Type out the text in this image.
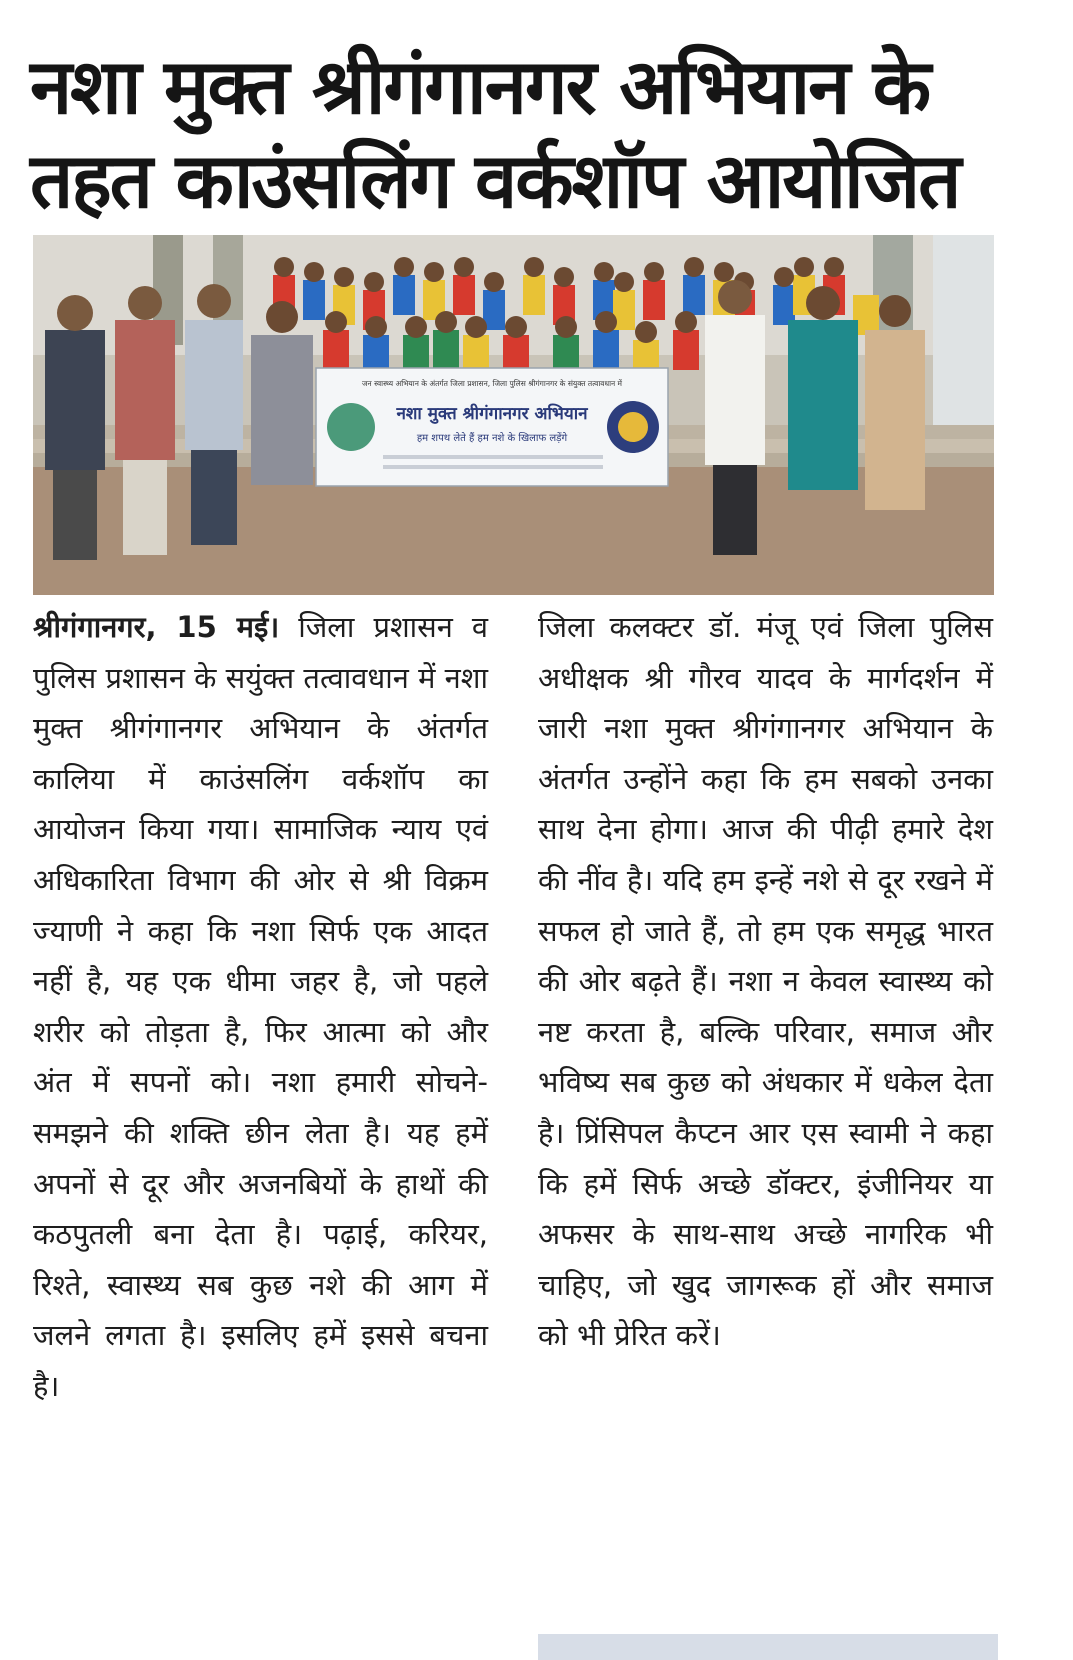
नशा मुक्त श्रीगंगानगर अभियान के
तहत काउंसलिंग वर्कशॉप आयोजित
जन स्वास्थ्य अभियान के अंतर्गत जिला प्रशासन, जिला पुलिस श्रीगंगानगर के संयुक्त तत्वावधान में
नशा मुक्त श्रीगंगानगर अभियान
हम शपथ लेते हैं हम नशे के खिलाफ लड़ेंगे

श्रीगंगानगर, 15 मई। जिला प्रशासन व पुलिस प्रशासन के सयुंक्त तत्वावधान में नशा मुक्त श्रीगंगानगर अभियान के अंतर्गत कालिया में काउंसलिंग वर्कशॉप का आयोजन किया गया। सामाजिक न्याय एवं अधिकारिता विभाग की ओर से श्री विक्रम ज्याणी ने कहा कि नशा सिर्फ एक आदत नहीं है, यह एक धीमा जहर है, जो पहले शरीर को तोड़ता है, फिर आत्मा को और अंत में सपनों को। नशा हमारी सोचने-समझने की शक्ति छीन लेता है। यह हमें अपनों से दूर और अजनबियों के हाथों की कठपुतली बना देता है। पढ़ाई, करियर, रिश्ते, स्वास्थ्य सब कुछ नशे की आग में जलने लगता है। इसलिए हमें इससे बचना है।

जिला कलक्टर डॉ. मंजू एवं जिला पुलिस अधीक्षक श्री गौरव यादव के मार्गदर्शन में जारी नशा मुक्त श्रीगंगानगर अभियान के अंतर्गत उन्होंने कहा कि हम सबको उनका साथ देना होगा। आज की पीढ़ी हमारे देश की नींव है। यदि हम इन्हें नशे से दूर रखने में सफल हो जाते हैं, तो हम एक समृद्ध भारत की ओर बढ़ते हैं। नशा न केवल स्वास्थ्य को नष्ट करता है, बल्कि परिवार, समाज और भविष्य सब कुछ को अंधकार में धकेल देता है। प्रिंसिपल कैप्टन आर एस स्वामी ने कहा कि हमें सिर्फ अच्छे डॉक्टर, इंजीनियर या अफसर के साथ-साथ अच्छे नागरिक भी चाहिए, जो खुद जागरूक हों और समाज को भी प्रेरित करें।
